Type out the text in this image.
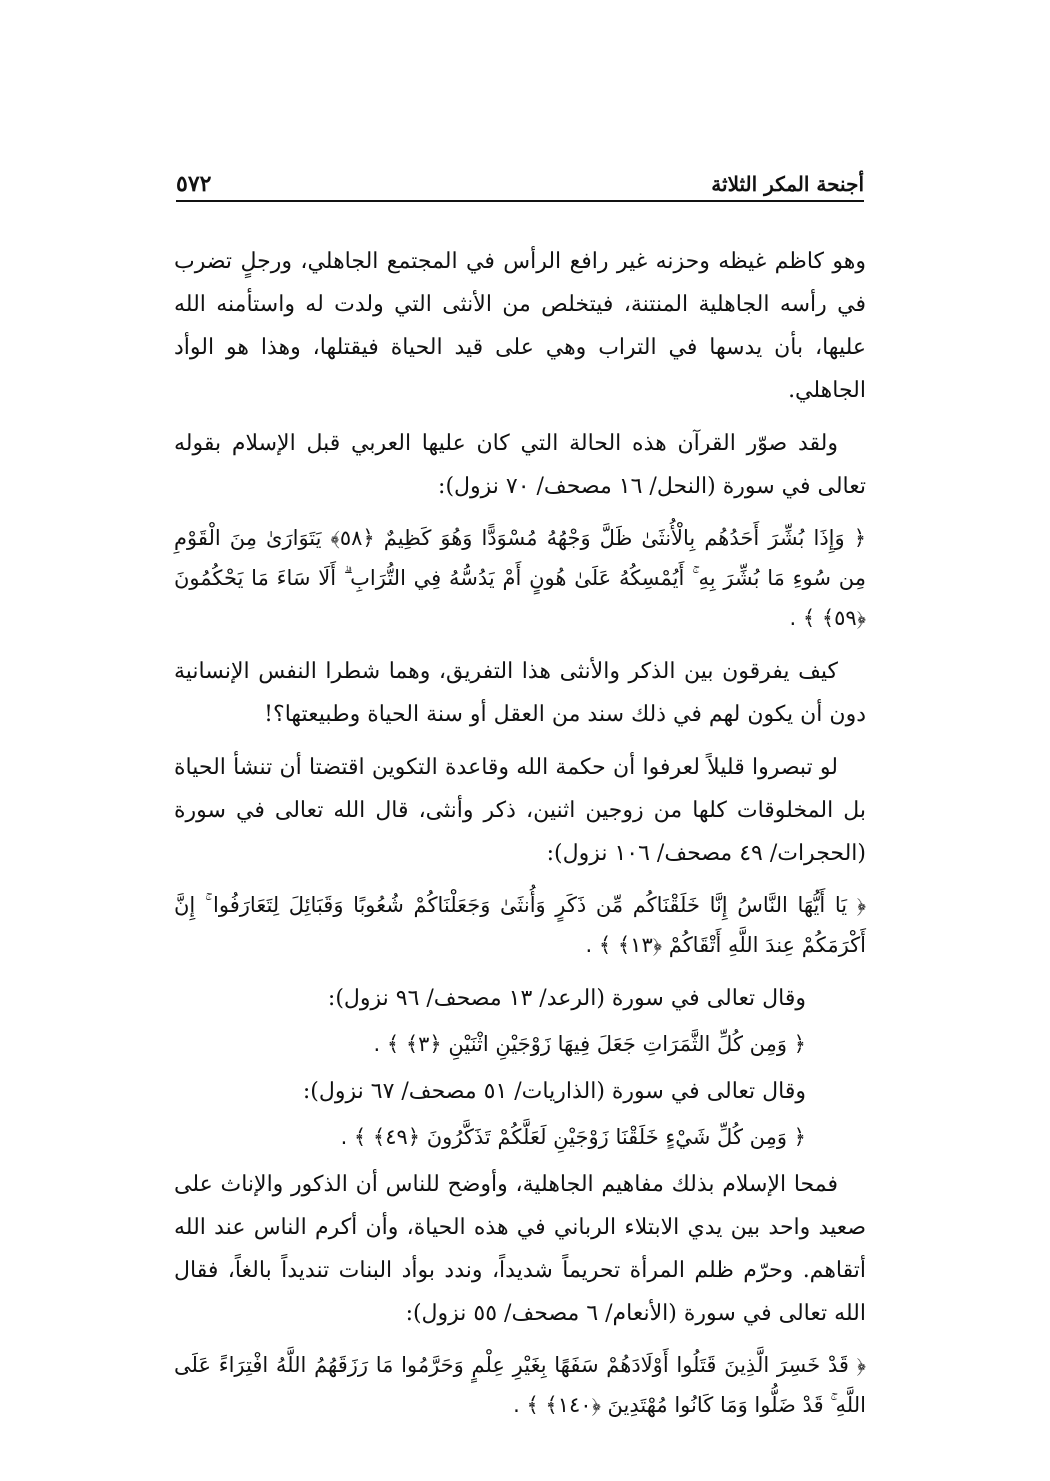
٥٧٢	أجنحة المكر الثلاثة

وهو كاظم غيظه وحزنه غير رافع الرأس في المجتمع الجاهلي، ورجلٍ تضرب في رأسه الجاهلية المنتنة، فيتخلص من الأنثى التي ولدت له واستأمنه الله عليها، بأن يدسها في التراب وهي على قيد الحياة فيقتلها، وهذا هو الوأد الجاهلي.

ولقد صوّر القرآن هذه الحالة التي كان عليها العربي قبل الإسلام بقوله تعالى في سورة (النحل/ ١٦ مصحف/ ٧٠ نزول):

﴿ وَإِذَا بُشِّرَ أَحَدُهُم بِالْأُنثَىٰ ظَلَّ وَجْهُهُ مُسْوَدًّا وَهُوَ كَظِيمٌ ﴿٥٨﴾ يَتَوَارَىٰ مِنَ الْقَوْمِ مِن سُوءِ مَا بُشِّرَ بِهِ ۚ أَيُمْسِكُهُ عَلَىٰ هُونٍ أَمْ يَدُسُّهُ فِي التُّرَابِ ۗ أَلَا سَاءَ مَا يَحْكُمُونَ ﴿٥٩﴾ ﴾ .

كيف يفرقون بين الذكر والأنثى هذا التفريق، وهما شطرا النفس الإنسانية دون أن يكون لهم في ذلك سند من العقل أو سنة الحياة وطبيعتها؟!

لو تبصروا قليلاً لعرفوا أن حكمة الله وقاعدة التكوين اقتضتا أن تنشأ الحياة بل المخلوقات كلها من زوجين اثنين، ذكر وأنثى، قال الله تعالى في سورة (الحجرات/ ٤٩ مصحف/ ١٠٦ نزول):

﴿ يَا أَيُّهَا النَّاسُ إِنَّا خَلَقْنَاكُم مِّن ذَكَرٍ وَأُنثَىٰ وَجَعَلْنَاكُمْ شُعُوبًا وَقَبَائِلَ لِتَعَارَفُوا ۚ إِنَّ أَكْرَمَكُمْ عِندَ اللَّهِ أَتْقَاكُمْ ﴿١٣﴾ ﴾ .

وقال تعالى في سورة (الرعد/ ١٣ مصحف/ ٩٦ نزول):

﴿ وَمِن كُلِّ الثَّمَرَاتِ جَعَلَ فِيهَا زَوْجَيْنِ اثْنَيْنِ ﴿٣﴾ ﴾ .

وقال تعالى في سورة (الذاريات/ ٥١ مصحف/ ٦٧ نزول):

﴿ وَمِن كُلِّ شَيْءٍ خَلَقْنَا زَوْجَيْنِ لَعَلَّكُمْ تَذَكَّرُونَ ﴿٤٩﴾ ﴾ .

فمحا الإسلام بذلك مفاهيم الجاهلية، وأوضح للناس أن الذكور والإناث على صعيد واحد بين يدي الابتلاء الرباني في هذه الحياة، وأن أكرم الناس عند الله أتقاهم. وحرّم ظلم المرأة تحريماً شديداً، وندد بوأد البنات تنديداً بالغاً، فقال الله تعالى في سورة (الأنعام/ ٦ مصحف/ ٥٥ نزول):

﴿ قَدْ خَسِرَ الَّذِينَ قَتَلُوا أَوْلَادَهُمْ سَفَهًا بِغَيْرِ عِلْمٍ وَحَرَّمُوا مَا رَزَقَهُمُ اللَّهُ افْتِرَاءً عَلَى اللَّهِ ۚ قَدْ ضَلُّوا وَمَا كَانُوا مُهْتَدِينَ ﴿١٤٠﴾ ﴾ .
